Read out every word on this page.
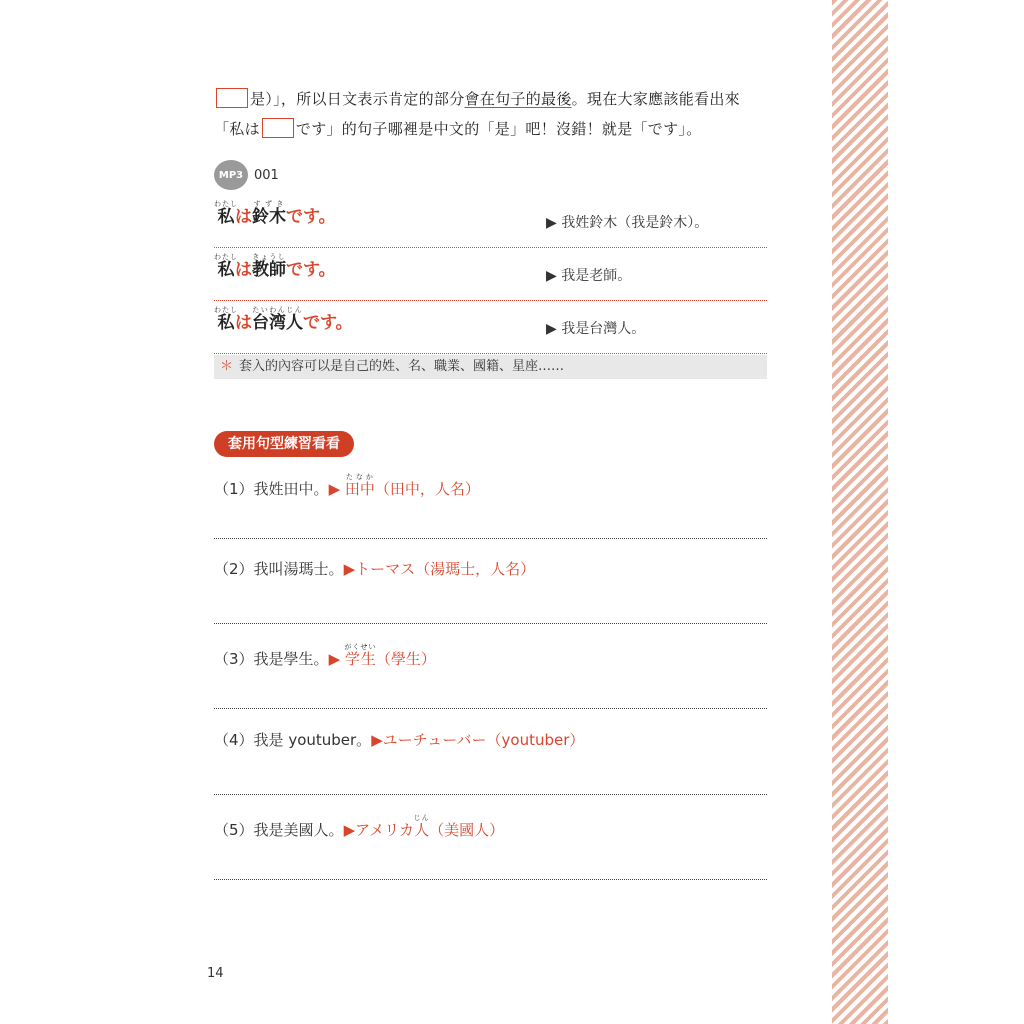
是）」，所以日文表示肯定的部分會在句子的最後。現在大家應該能看出來
「私は です」的句子哪裡是中文的「是」吧！沒錯！就是「です」。
MP3 001
私わたしは鈴木すずきです。	▶ 我姓鈴木（我是鈴木）。
私わたしは教師きょうしです。	▶ 我是老師。
私わたしは台湾人たいわんじんです。	▶ 我是台灣人。
＊ 套入的內容可以是自己的姓、名、職業、國籍、星座……
套用句型練習看看
（1）我姓田中。▶ 田中たなか（田中，人名）
（2）我叫湯瑪士。▶トーマス（湯瑪士，人名）
（3）我是學生。▶ 学生がくせい（學生）
（4）我是 youtuber。▶ユーチューバー（youtuber）
（5）我是美國人。▶アメリカ人じん（美國人）
14
